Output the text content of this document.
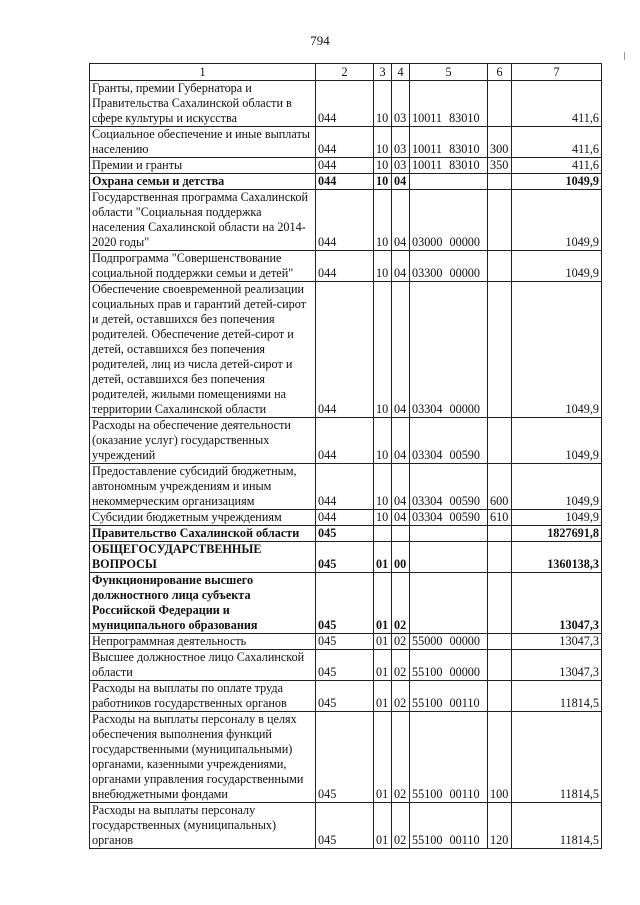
794
1	2	3	4	5	6	7
Гранты, премии Губернатора и Правительства Сахалинской области в сфере культуры и искусства	044	10	03	10011 83010		411,6
Социальное обеспечение и иные выплаты населению	044	10	03	10011 83010	300	411,6
Премии и гранты	044	10	03	10011 83010	350	411,6
Охрана семьи и детства	044	10	04			1049,9
Государственная программа Сахалинской области "Социальная поддержка населения Сахалинской области на 2014-2020 годы"	044	10	04	03000 00000		1049,9
Подпрограмма "Совершенствование социальной поддержки семьи и детей"	044	10	04	03300 00000		1049,9
Обеспечение своевременной реализации социальных прав и гарантий детей-сирот и детей, оставшихся без попечения родителей. Обеспечение детей-сирот и детей, оставшихся без попечения родителей, лиц из числа детей-сирот и детей, оставшихся без попечения родителей, жилыми помещениями на территории Сахалинской области	044	10	04	03304 00000		1049,9
Расходы на обеспечение деятельности (оказание услуг) государственных учреждений	044	10	04	03304 00590		1049,9
Предоставление субсидий бюджетным, автономным учреждениям и иным некоммерческим организациям	044	10	04	03304 00590	600	1049,9
Субсидии бюджетным учреждениям	044	10	04	03304 00590	610	1049,9
Правительство Сахалинской области	045					1827691,8
ОБЩЕГОСУДАРСТВЕННЫЕ ВОПРОСЫ	045	01	00			1360138,3
Функционирование высшего должностного лица субъекта Российской Федерации и муниципального образования	045	01	02			13047,3
Непрограммная деятельность	045	01	02	55000 00000		13047,3
Высшее должностное лицо Сахалинской области	045	01	02	55100 00000		13047,3
Расходы на выплаты по оплате труда работников государственных органов	045	01	02	55100 00110		11814,5
Расходы на выплаты персоналу в целях обеспечения выполнения функций государственными (муниципальными) органами, казенными учреждениями, органами управления государственными внебюджетными фондами	045	01	02	55100 00110	100	11814,5
Расходы на выплаты персоналу государственных (муниципальных) органов	045	01	02	55100 00110	120	11814,5
